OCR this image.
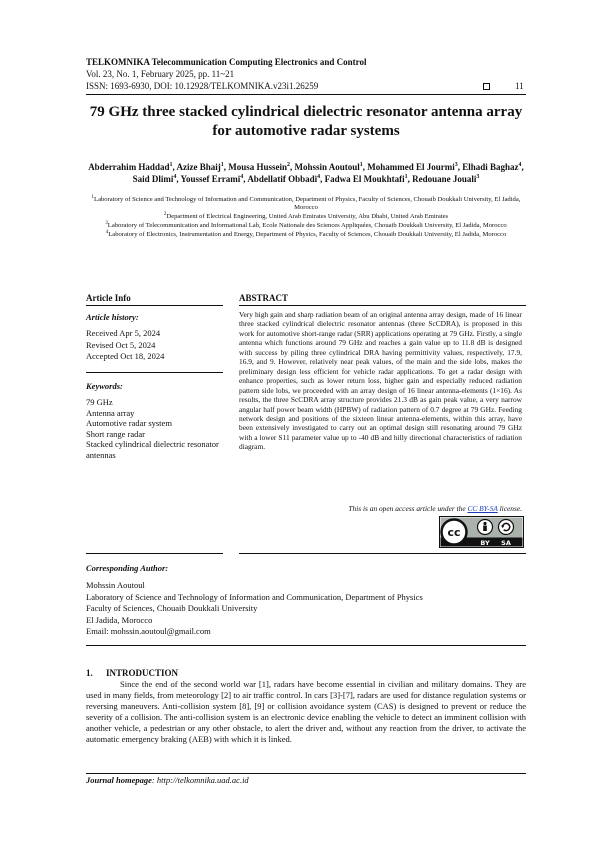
TELKOMNIKA Telecommunication Computing Electronics and Control
Vol. 23, No. 1, February 2025, pp. 11~21
ISSN: 1693-6930, DOI: 10.12928/TELKOMNIKA.v23i1.26259	11
79 GHz three stacked cylindrical dielectric resonator antenna array for automotive radar systems
Abderrahim Haddad$^1$, Azize Bhaij$^1$, Mousa Hussein$^2$, Mohssin Aoutoul$^1$, Mohammed El Jourmi$^3$, Elhadi Baghaz$^4$, Said Dlimi$^4$, Youssef Errami$^4$, Abdellatif Obbadi$^4$, Fadwa El Moukhtafi$^1$, Redouane Jouali$^3$
$^1$Laboratory of Science and Technology of Information and Communication, Department of Physics, Faculty of Sciences, Chouaib Doukkali University, El Jadida, Morocco
$^2$Department of Electrical Engineering, United Arab Emirates University, Abu Dhabi, United Arab Emirates
$^3$Laboratory of Telecommunication and Informational Lab, Ecole Nationale des Sciences Appliquées, Chouaib Doukkali University, El Jadida, Morocco
$^4$Laboratory of Electronics, Instrumentation and Energy, Department of Physics, Faculty of Sciences, Chouaib Doukkali University, El Jadida, Morocco
Article Info	ABSTRACT
Article history:
Received Apr 5, 2024
Revised Oct 5, 2024
Accepted Oct 18, 2024
Keywords:
79 GHz
Antenna array
Automotive radar system
Short range radar
Stacked cylindrical dielectric resonator antennas
Very high gain and sharp radiation beam of an original antenna array design, made of 16 linear three stacked cylindrical dielectric resonator antennas (three ScCDRA), is proposed in this work for automotive short-range radar (SRR) applications operating at 79 GHz. Firstly, a single antenna which functions around 79 GHz and reaches a gain value up to 11.8 dB is designed with success by piling three cylindrical DRA having permittivity values, respectively, 17.9, 16.9, and 9. However, relatively near peak values, of the main and the side lobs, makes the preliminary design less efficient for vehicle radar applications. To get a radar design with enhance properties, such as lower return loss, higher gain and especially reduced radiation pattern side lobs, we proceeded with an array design of 16 linear antenna-elements (1×16). As results, the three ScCDRA array structure provides 21.3 dB as gain peak value, a very narrow angular half power beam width (HPBW) of radiation pattern of 0.7 degree at 79 GHz. Feeding network design and positions of the sixteen linear antenna-elements, within this array, have been extensively investigated to carry out an optimal design still resonating around 79 GHz with a lower S11 parameter value up to -40 dB and hilly directional characteristics of radiation diagram.
This is an open access article under the CC BY-SA license.
cc
BY SA
Corresponding Author:
Mohssin Aoutoul
Laboratory of Science and Technology of Information and Communication, Department of Physics
Faculty of Sciences, Chouaib Doukkali University
El Jadida, Morocco
Email: mohssin.aoutoul@gmail.com
1. INTRODUCTION
Since the end of the second world war [1], radars have become essential in civilian and military domains. They are used in many fields, from meteorology [2] to air traffic control. In cars [3]-[7], radars are used for distance regulation systems or reversing maneuvers. Anti-collision system [8], [9] or collision avoidance system (CAS) is designed to prevent or reduce the severity of a collision. The anti-collision system is an electronic device enabling the vehicle to detect an imminent collision with another vehicle, a pedestrian or any other obstacle, to alert the driver and, without any reaction from the driver, to activate the automatic emergency braking (AEB) with which it is linked.
Journal homepage: http://telkomnika.uad.ac.id
